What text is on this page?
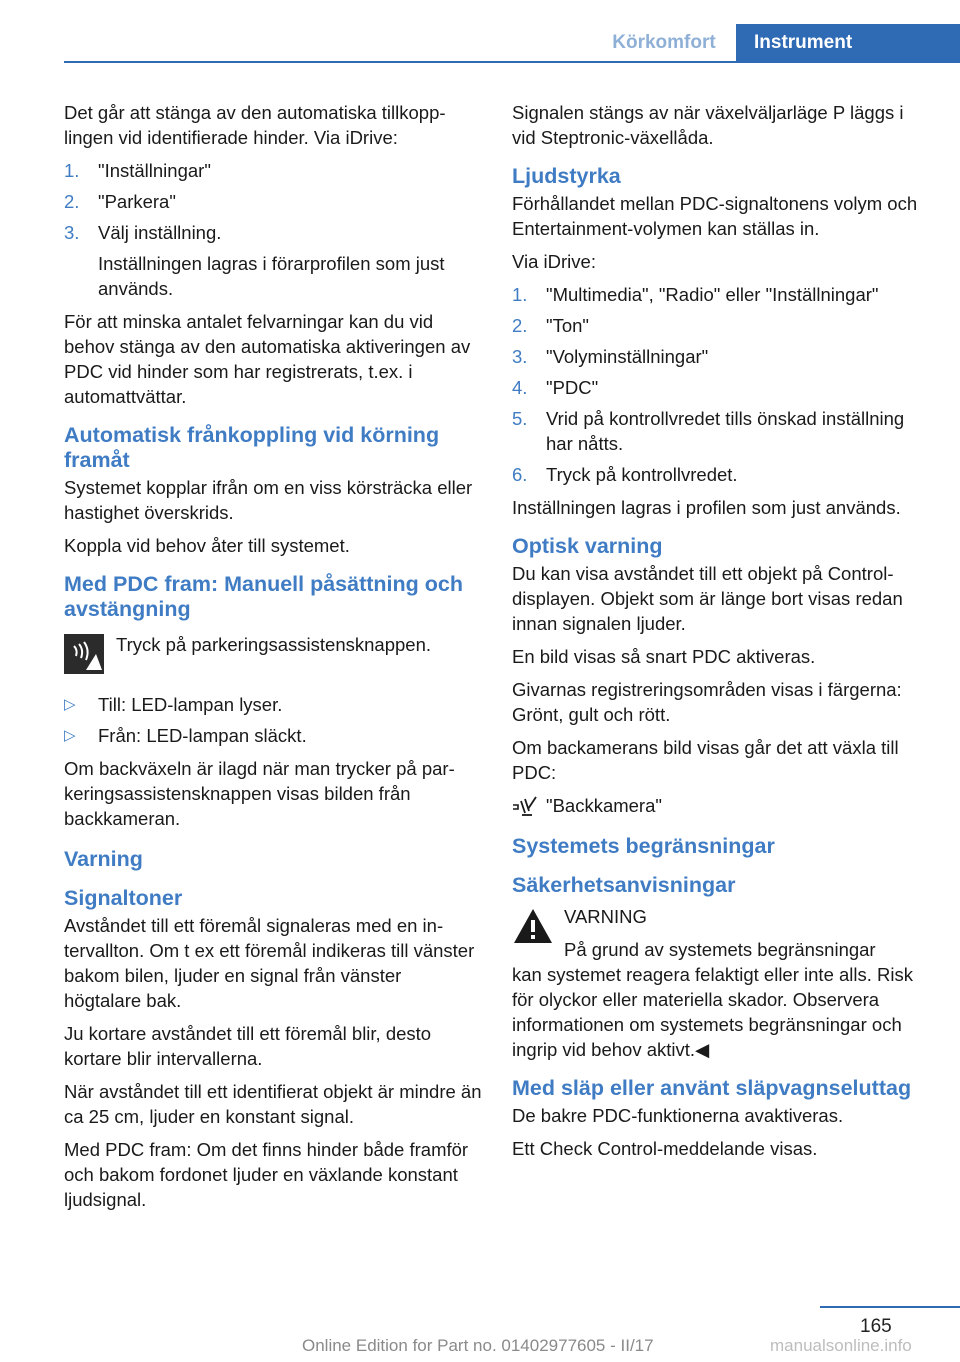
Körkomfort	Instrument

Det går att stänga av den automatiska tillkopplingen vid identifierade hinder. Via iDrive:

1. "Inställningar"
2. "Parkera"
3. Välj inställning.
Inställningen lagras i förarprofilen som just används.

För att minska antalet felvarningar kan du vid behov stänga av den automatiska aktiveringen av PDC vid hinder som har registrerats, t.ex. i automattvättar.

Automatisk frånkoppling vid körning framåt

Systemet kopplar ifrån om en viss körsträcka eller hastighet överskrids.

Koppla vid behov åter till systemet.

Med PDC fram: Manuell påsättning och avstängning
Tryck på parkeringsassistensknappen.
▷ Till: LED-lampan lyser.
▷ Från: LED-lampan släckt.

Om backväxeln är ilagd när man trycker på parkeringsassistensknappen visas bilden från backkameran.

Varning
Signaltoner

Avståndet till ett föremål signaleras med en intervallton. Om t ex ett föremål indikeras till vänster bakom bilen, ljuder en signal från vänster högtalare bak.

Ju kortare avståndet till ett föremål blir, desto kortare blir intervallerna.

När avståndet till ett identifierat objekt är mindre än ca 25 cm, ljuder en konstant signal.

Med PDC fram: Om det finns hinder både framför och bakom fordonet ljuder en växlande konstant ljudsignal.

Signalen stängs av när växelväljarläge P läggs i vid Steptronic-växellåda.

Ljudstyrka

Förhållandet mellan PDC-signaltonens volym och Entertainment-volymen kan ställas in.

Via iDrive:

1. "Multimedia", "Radio" eller "Inställningar"
2. "Ton"
3. "Volyminställningar"
4. "PDC"
5. Vrid på kontrollvredet tills önskad inställning har nåtts.
6. Tryck på kontrollvredet.

Inställningen lagras i profilen som just används.

Optisk varning

Du kan visa avståndet till ett objekt på Control-displayen. Objekt som är länge bort visas redan innan signalen ljuder.

En bild visas så snart PDC aktiveras.

Givarnas registreringsområden visas i färgerna: Grönt, gult och rött.

Om backamerans bild visas går det att växla till PDC:

"Backkamera"
Systemets begränsningar
Säkerhetsanvisningar
VARNING
På grund av systemets begränsningar

kan systemet reagera felaktigt eller inte alls. Risk för olyckor eller materiella skador. Observera informationen om systemets begränsningar och ingrip vid behov aktivt.◀

Med släp eller använt släpvagnseluttag

De bakre PDC-funktionerna avaktiveras.

Ett Check Control-meddelande visas.

165
Online Edition for Part no. 01402977605 - II/17	manualsonline.info
